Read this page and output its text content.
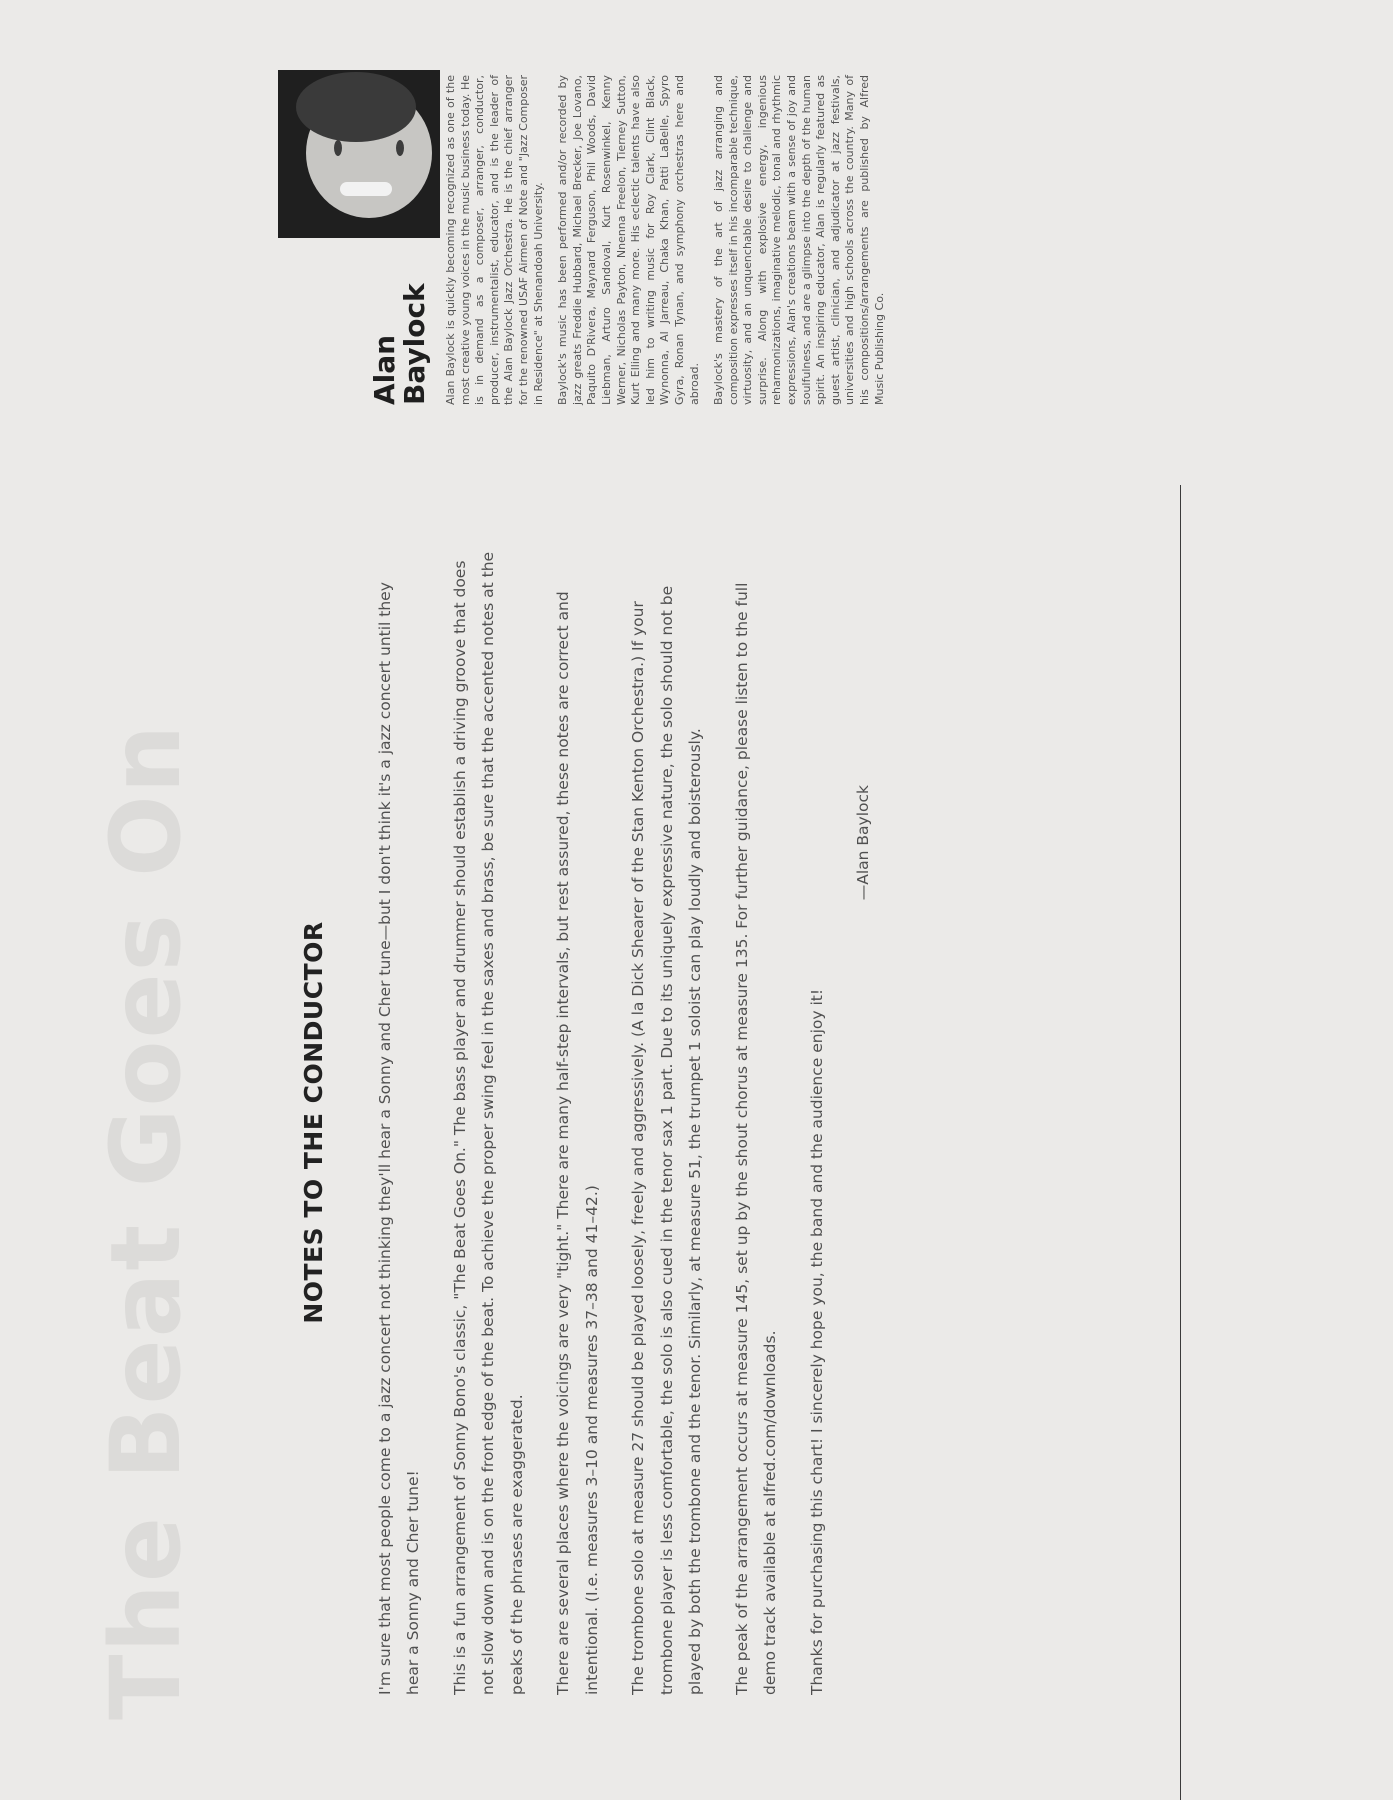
The Beat Goes On	NOTES TO THE CONDUCTOR	I'm sure that most people come to a jazz concert not thinking they'll hear a Sonny and Cher tune—but I don't think it's a jazz concert until they hear a Sonny and Cher tune!	This is a fun arrangement of Sonny Bono's classic, "The Beat Goes On." The bass player and drummer should establish a driving groove that does not slow down and is on the front edge of the beat. To achieve the proper swing feel in the saxes and brass, be sure that the accented notes at the peaks of the phrases are exaggerated.	There are several places where the voicings are very "tight." There are many half-step intervals, but rest assured, these notes are correct and intentional. (I.e. measures 3–10 and measures 37–38 and 41–42.)	The trombone solo at measure 27 should be played loosely, freely and aggressively. (A la Dick Shearer of the Stan Kenton Orchestra.) If your trombone player is less comfortable, the solo is also cued in the tenor sax 1 part. Due to its uniquely expressive nature, the solo should not be played by both the trombone and the tenor. Similarly, at measure 51, the trumpet 1 soloist can play loudly and boisterously.	The peak of the arrangement occurs at measure 145, set up by the shout chorus at measure 135. For further guidance, please listen to the full demo track available at alfred.com/downloads.	Thanks for purchasing this chart! I sincerely hope you, the band and the audience enjoy it!

—Alan Baylock
Alan
Baylock Alan Baylock is quickly becoming recognized as one of the most creative young voices in the music business today. He is in demand as a composer, arranger, conductor, producer, instrumentalist, educator, and is the leader of the Alan Baylock Jazz Orchestra. He is the chief arranger for the renowned USAF Airmen of Note and "Jazz Composer in Residence" at Shenandoah University. Baylock's music has been performed and/or recorded by jazz greats Freddie Hubbard, Michael Brecker, Joe Lovano, Paquito D'Rivera, Maynard Ferguson, Phil Woods, David Liebman, Arturo Sandoval, Kurt Rosenwinkel, Kenny Werner, Nicholas Payton, Nnenna Freelon, Tierney Sutton, Kurt Elling and many more. His eclectic talents have also led him to writing music for Roy Clark, Clint Black, Wynonna, Al Jarreau, Chaka Khan, Patti LaBelle, Spyro Gyra, Ronan Tynan, and symphony orchestras here and abroad. Baylock's mastery of the art of jazz arranging and composition expresses itself in his incomparable technique, virtuosity, and an unquenchable desire to challenge and surprise. Along with explosive energy, ingenious reharmonizations, imaginative melodic, tonal and rhythmic expressions, Alan's creations beam with a sense of joy and soulfulness, and are a glimpse into the depth of the human spirit. An inspiring educator, Alan is regularly featured as guest artist, clinician, and adjudicator at jazz festivals, universities and high schools across the country. Many of his compositions/arrangements are published by Alfred Music Publishing Co.
